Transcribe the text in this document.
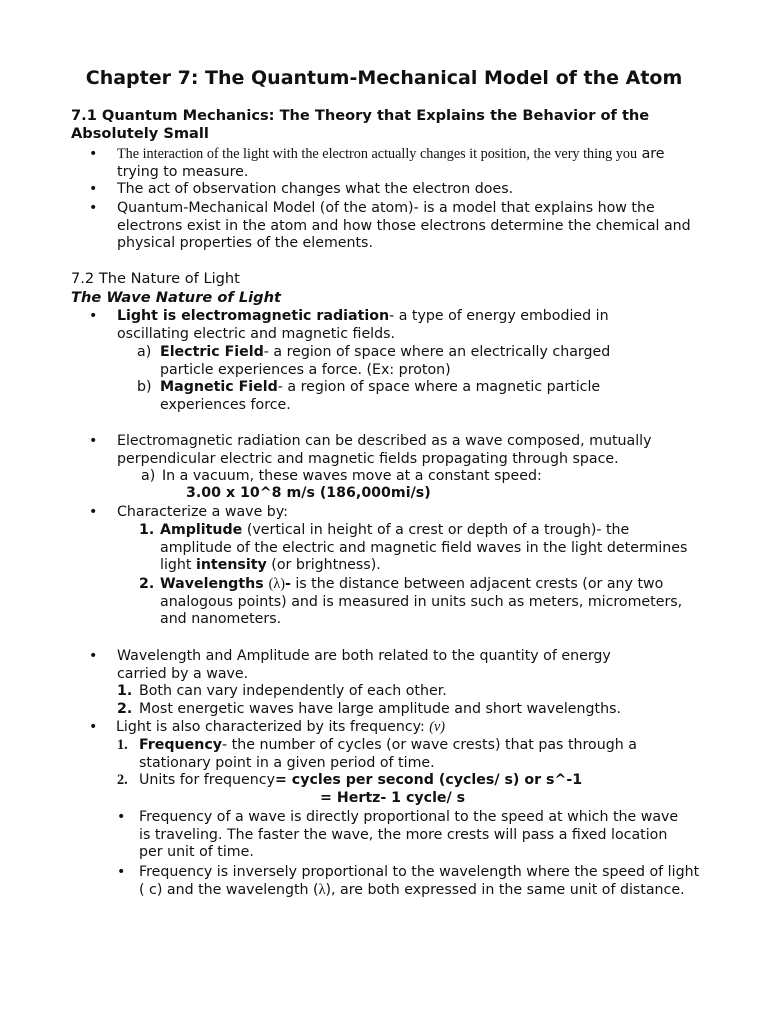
Chapter 7: The Quantum-Mechanical Model of the Atom
7.1 Quantum Mechanics: The Theory that Explains the Behavior of the Absolutely Small
•	The interaction of the light with the electron actually changes it position, the very thing you are
trying to measure.
•	The act of observation changes what the electron does.
•	Quantum-Mechanical Model (of the atom)- is a model that explains how the electrons exist in the atom and how those electrons determine the chemical and physical properties of the elements.
7.2 The Nature of Light
The Wave Nature of Light
•	Light is electromagnetic radiation- a type of energy embodied in oscillating electric and magnetic fields.
a) Electric Field- a region of space where an electrically charged particle experiences a force. (Ex: proton)
b) Magnetic Field- a region of space where a magnetic particle experiences force.
•	Electromagnetic radiation can be described as a wave composed, mutually perpendicular electric and magnetic fields propagating through space.
a) In a vacuum, these waves move at a constant speed:
3.00 x 10^8 m/s (186,000mi/s)
•	Characterize a wave by:
1. Amplitude (vertical in height of a crest or depth of a trough)- the amplitude of the electric and magnetic field waves in the light determines light intensity (or brightness).
2. Wavelengths (λ)- is the distance between adjacent crests (or any two analogous points) and is measured in units such as meters, micrometers, and nanometers.
•	Wavelength and Amplitude are both related to the quantity of energy carried by a wave.
1. Both can vary independently of each other.
2. Most energetic waves have large amplitude and short wavelengths.
•	Light is also characterized by its frequency: (ν)
1. Frequency- the number of cycles (or wave crests) that pas through a stationary point in a given period of time.
2. Units for frequency= cycles per second (cycles/ s) or s^-1
= Hertz- 1 cycle/ s
• Frequency of a wave is directly proportional to the speed at which the wave is traveling. The faster the wave, the more crests will pass a fixed location per unit of time.
• Frequency is inversely proportional to the wavelength where the speed of light ( c) and the wavelength (λ), are both expressed in the same unit of distance.
